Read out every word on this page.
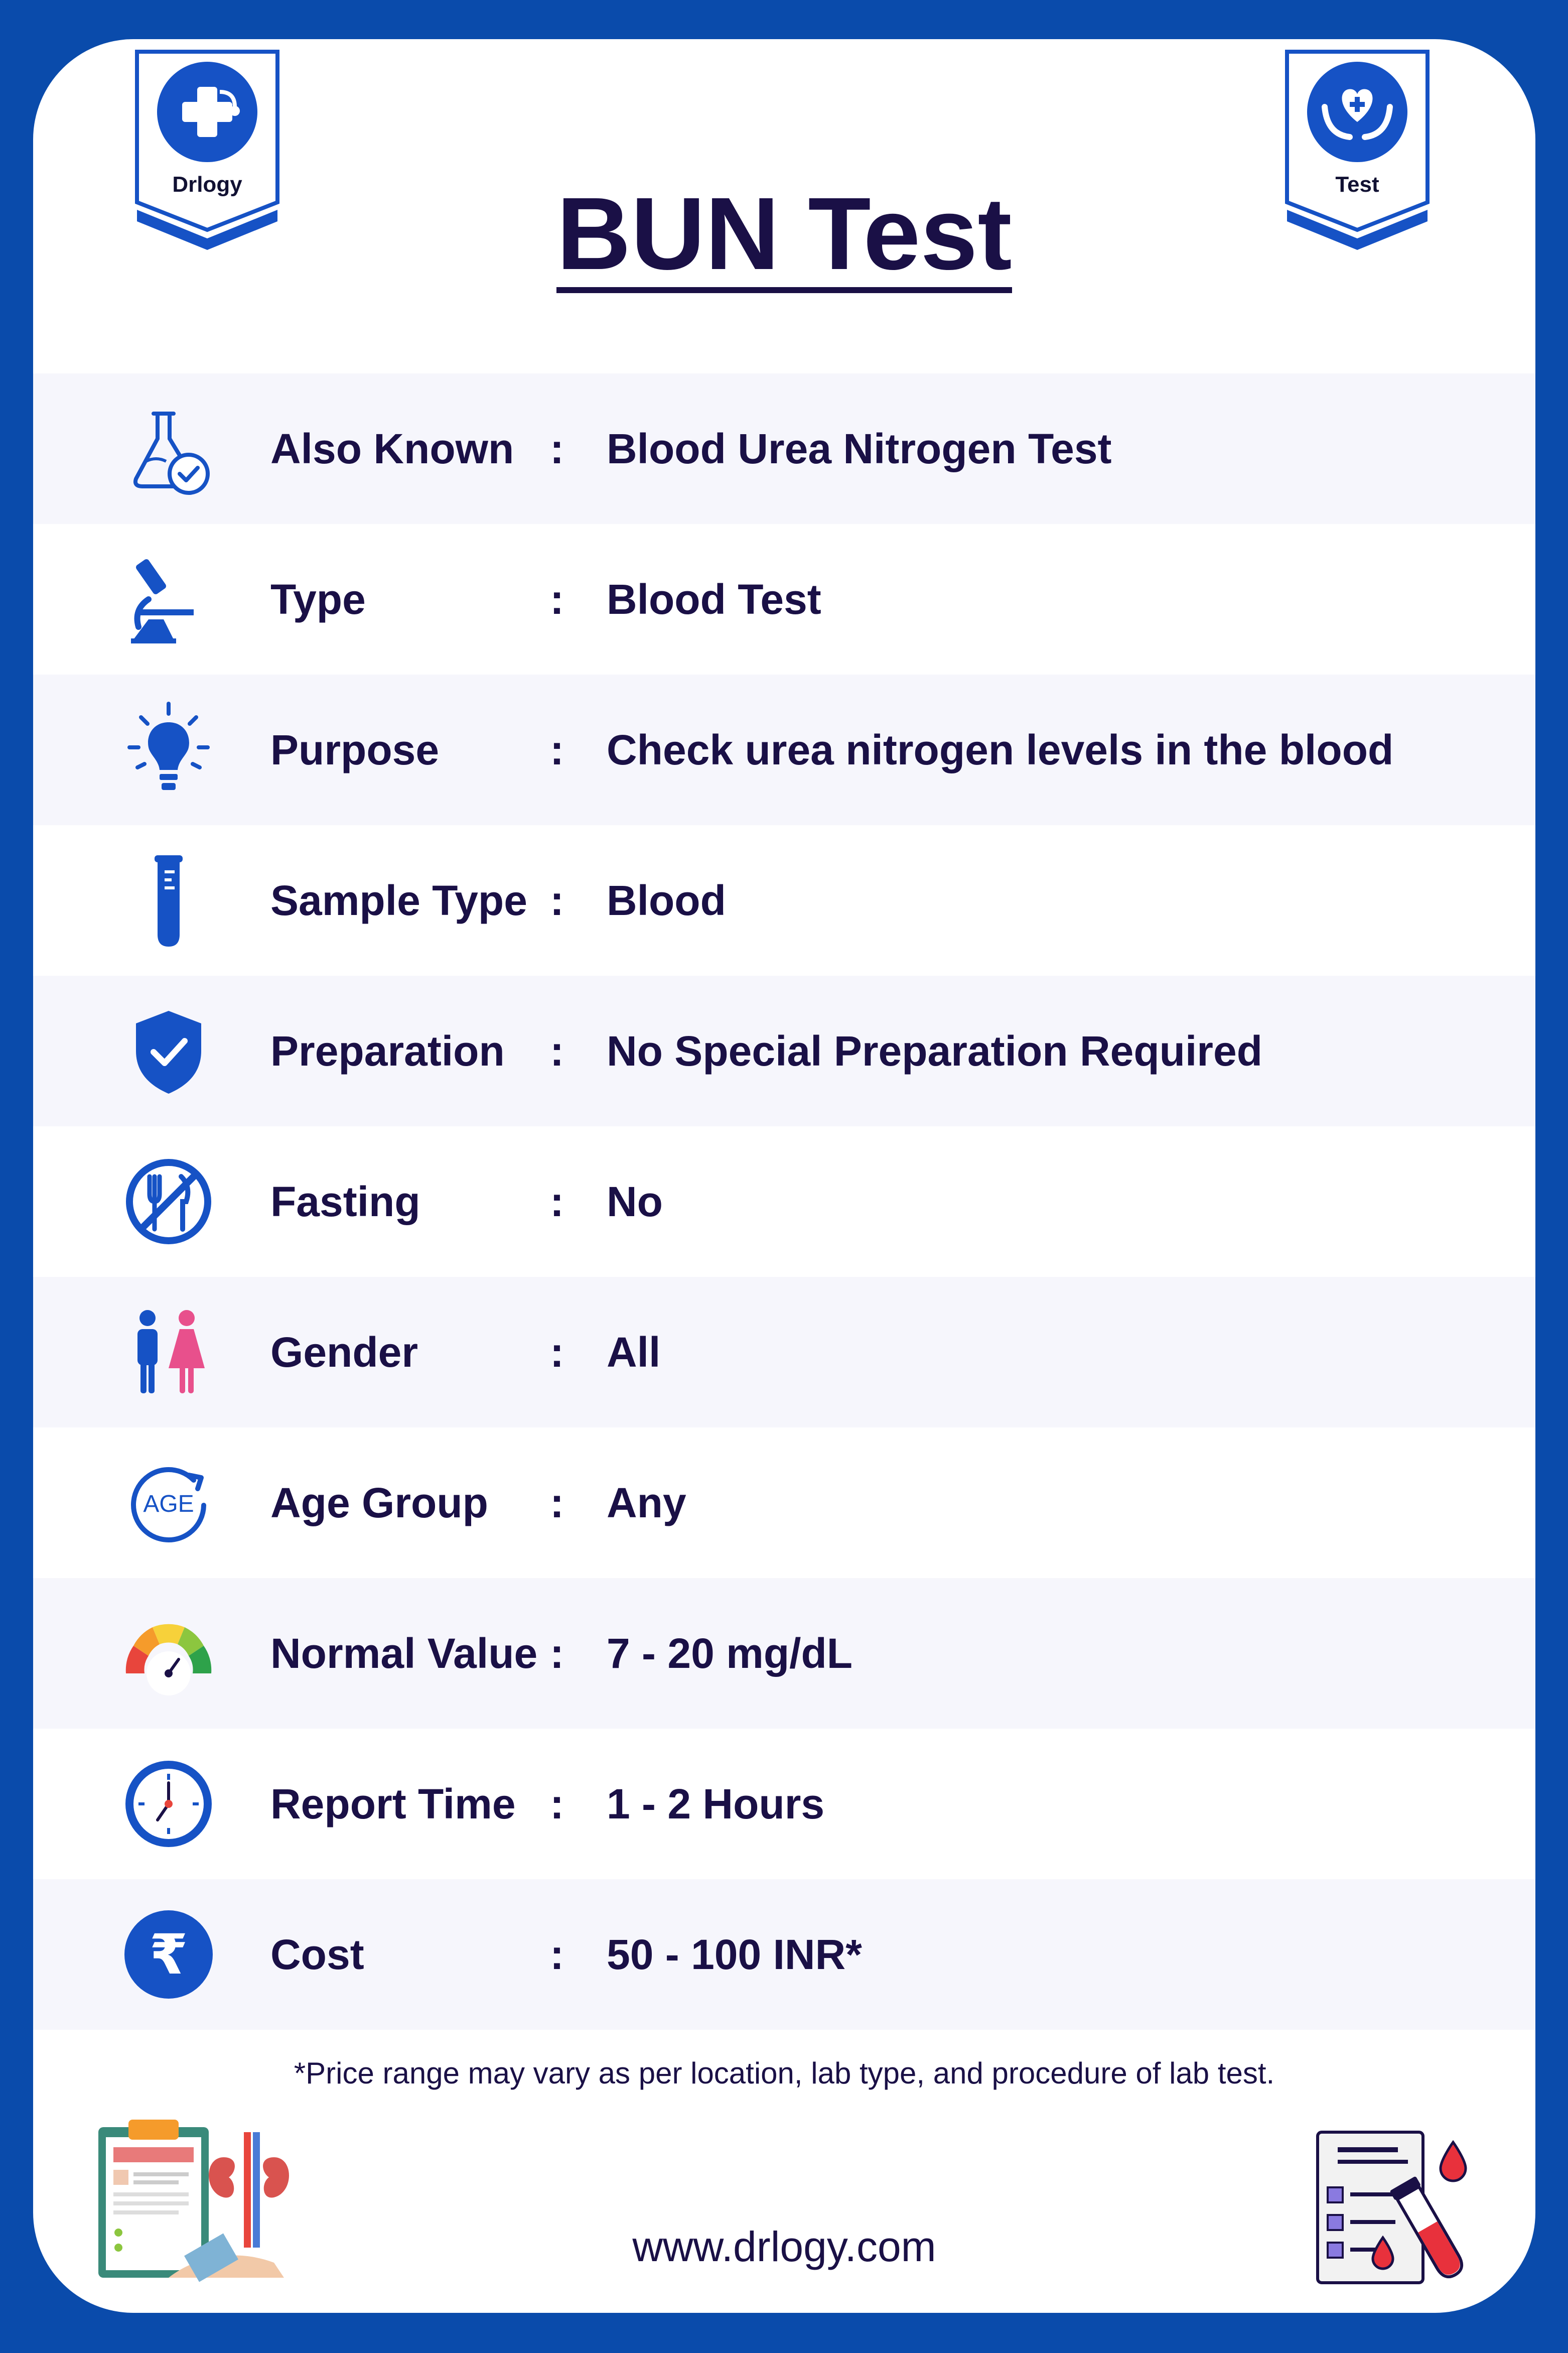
Drlogy	Test
BUN Test
Also Known : Blood Urea Nitrogen Test
Type	: Blood Test
Purpose	: Check urea nitrogen levels in the blood
Sample Type : Blood
Preparation : No Special Preparation Required
Fasting	: No
Gender	: All
AGE Age Group : Any
Normal Value : 7 - 20 mg/dL
Report Time : 1 - 2 Hours
₹ Cost	: 50 - 100 INR*
*Price range may vary as per location, lab type, and procedure of lab test.
www.drlogy.com
